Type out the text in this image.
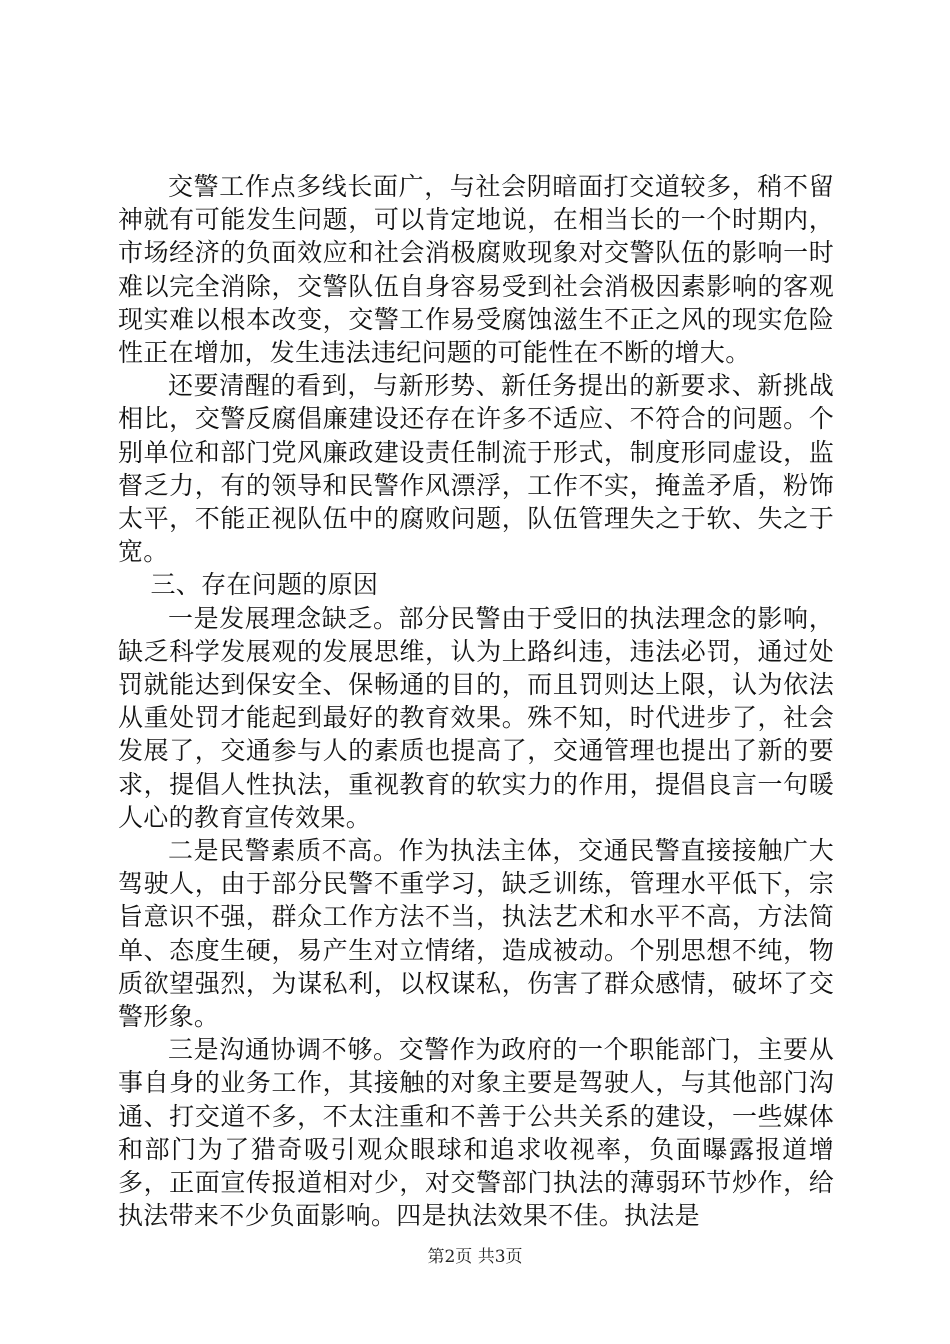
交警工作点多线长面广，与社会阴暗面打交道较多，稍不留神就有可能发生问题，可以肯定地说，在相当长的一个时期内，市场经济的负面效应和社会消极腐败现象对交警队伍的影响一时难以完全消除，交警队伍自身容易受到社会消极因素影响的客观现实难以根本改变，交警工作易受腐蚀滋生不正之风的现实危险性正在增加，发生违法违纪问题的可能性在不断的增大。

还要清醒的看到，与新形势、新任务提出的新要求、新挑战相比，交警反腐倡廉建设还存在许多不适应、不符合的问题。个别单位和部门党风廉政建设责任制流于形式，制度形同虚设，监督乏力，有的领导和民警作风漂浮，工作不实，掩盖矛盾，粉饰太平，不能正视队伍中的腐败问题，队伍管理失之于软、失之于宽。

三、存在问题的原因

一是发展理念缺乏。部分民警由于受旧的执法理念的影响，缺乏科学发展观的发展思维，认为上路纠违，违法必罚，通过处罚就能达到保安全、保畅通的目的，而且罚则达上限，认为依法从重处罚才能起到最好的教育效果。殊不知，时代进步了，社会发展了，交通参与人的素质也提高了，交通管理也提出了新的要求，提倡人性执法，重视教育的软实力的作用，提倡良言一句暖人心的教育宣传效果。

二是民警素质不高。作为执法主体，交通民警直接接触广大驾驶人，由于部分民警不重学习，缺乏训练，管理水平低下，宗旨意识不强，群众工作方法不当，执法艺术和水平不高，方法简单、态度生硬，易产生对立情绪，造成被动。个别思想不纯，物质欲望强烈，为谋私利，以权谋私，伤害了群众感情，破坏了交警形象。

三是沟通协调不够。交警作为政府的一个职能部门，主要从事自身的业务工作，其接触的对象主要是驾驶人，与其他部门沟通、打交道不多，不太注重和不善于公共关系的建设，一些媒体和部门为了猎奇吸引观众眼球和追求收视率，负面曝露报道增多，正面宣传报道相对少，对交警部门执法的薄弱环节炒作，给执法带来不少负面影响。四是执法效果不佳。执法是

第2页 共3页
